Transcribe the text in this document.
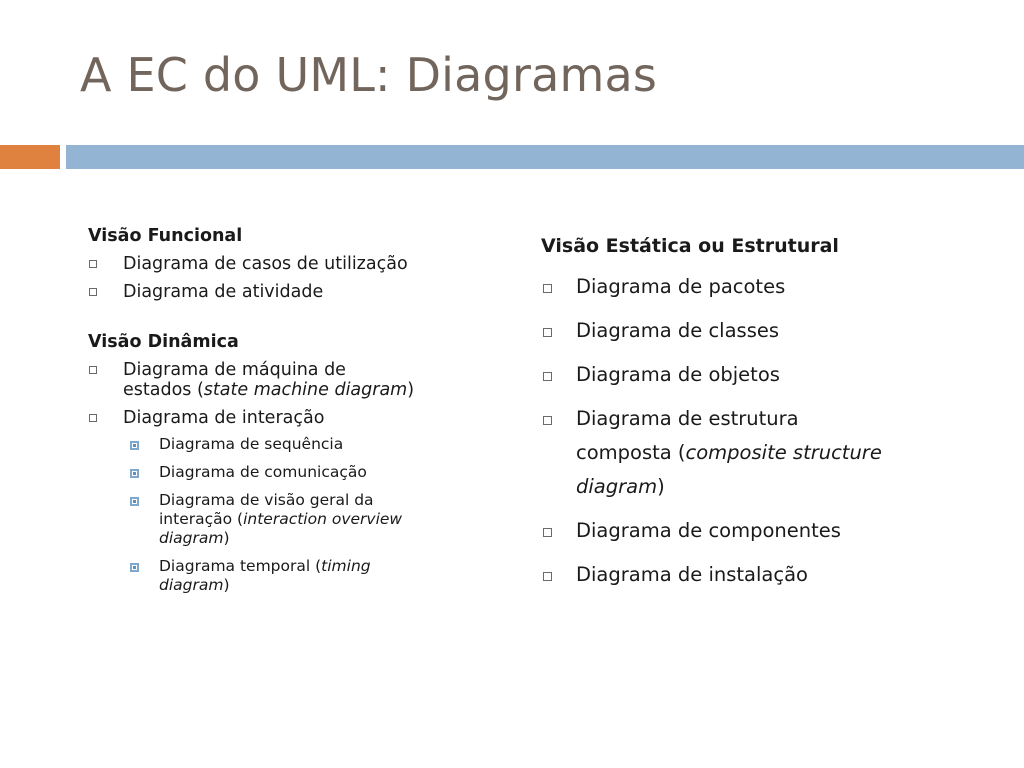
A EC do UML: Diagramas

Visão Funcional

Diagrama de casos de utilização
Diagrama de atividade

Visão Dinâmica

Diagrama de máquina de
estados (state machine diagram)
Diagrama de interação
Diagrama de sequência
Diagrama de comunicação
Diagrama de visão geral da
interação (interaction overview
diagram)
Diagrama temporal (timing
diagram)

Visão Estática ou Estrutural

Diagrama de pacotes
Diagrama de classes
Diagrama de objetos
Diagrama de estrutura
composta (composite structure
diagram)
Diagrama de componentes
Diagrama de instalação
